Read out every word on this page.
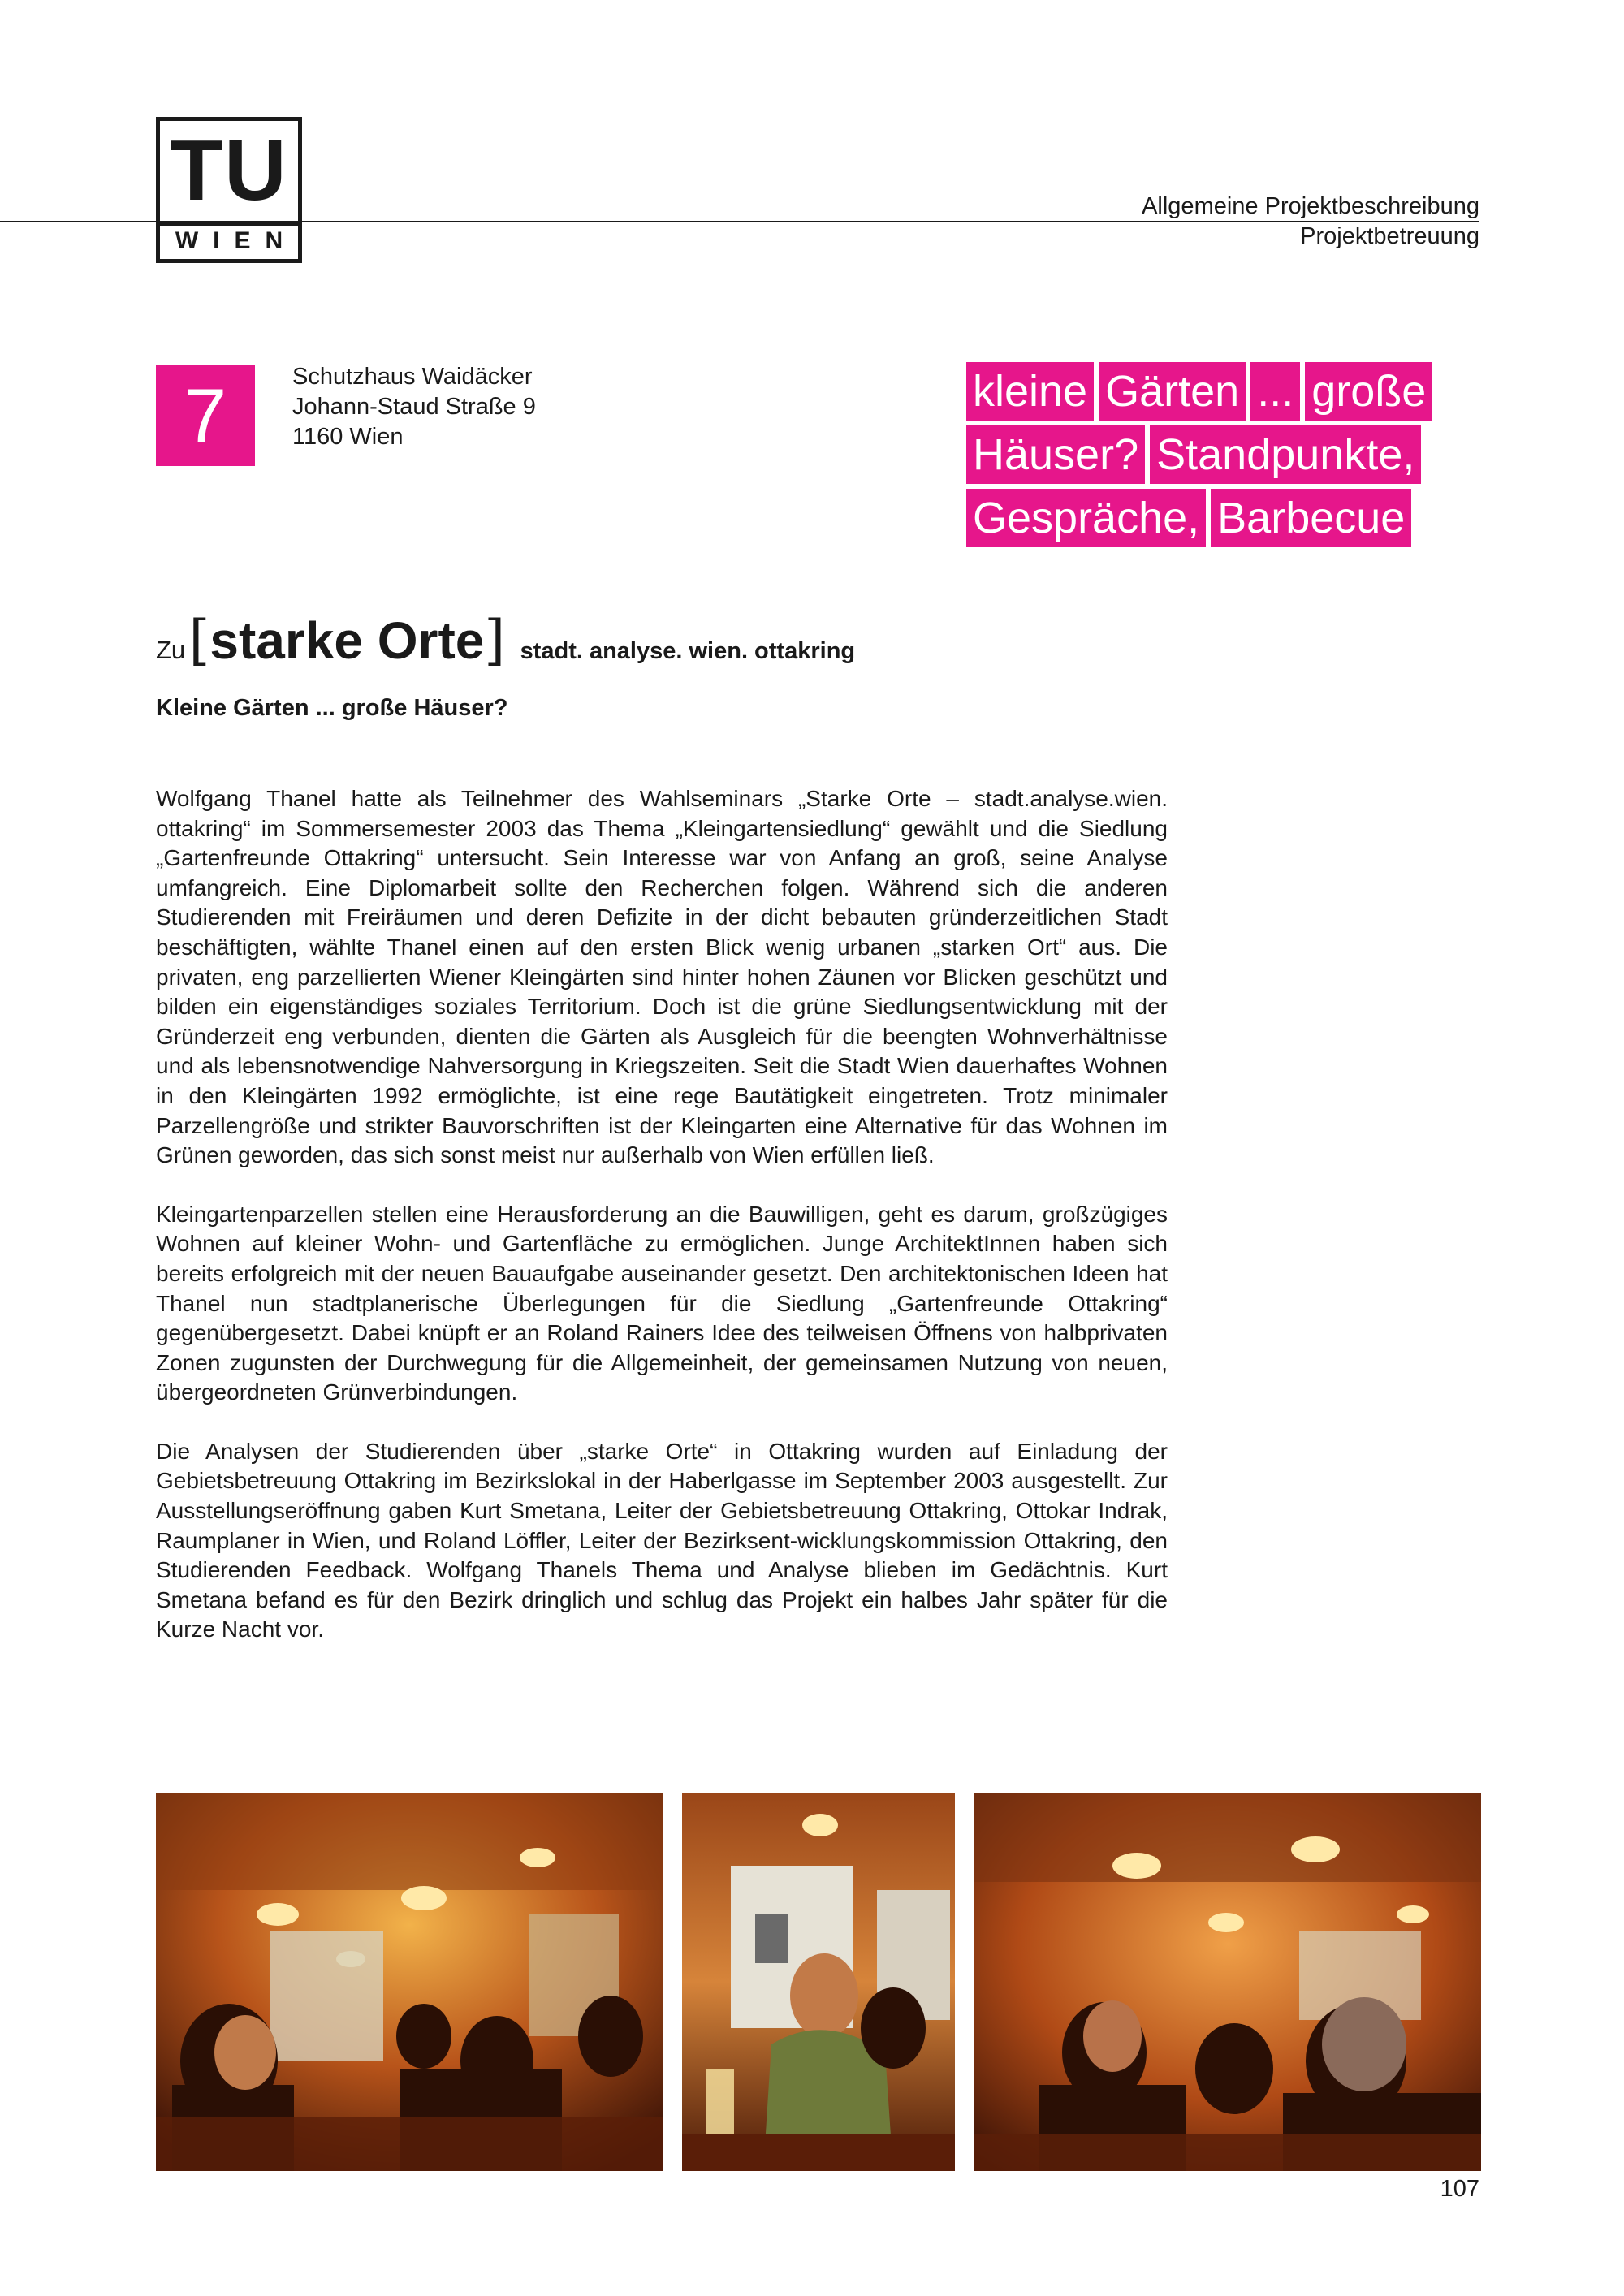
TU
WIEN
Allgemeine Projektbeschreibung
Projektbetreuung
7	Schutzhaus Waidäcker
Johann-Staud Straße 9
1160 Wien
kleine Gärten ... große
Häuser? Standpunkte,
Gespräche, Barbecue
Zu [starke Orte] stadt. analyse. wien. ottakring
Kleine Gärten ... große Häuser?

Wolfgang Thanel hatte als Teilnehmer des Wahlseminars „Starke Orte – stadt.analyse.wien. ottakring“ im Sommersemester 2003 das Thema „Kleingartensiedlung“ gewählt und die Siedlung „Gartenfreunde Ottakring“ untersucht. Sein Interesse war von Anfang an groß, seine Analyse umfangreich. Eine Diplomarbeit sollte den Recherchen folgen. Während sich die anderen Studierenden mit Freiräumen und deren Defizite in der dicht bebauten gründerzeitlichen Stadt beschäftigten, wählte Thanel einen auf den ersten Blick wenig urbanen „starken Ort“ aus. Die privaten, eng parzellierten Wiener Kleingärten sind hinter hohen Zäunen vor Blicken geschützt und bilden ein eigenständiges soziales Territorium. Doch ist die grüne Siedlungsentwicklung mit der Gründerzeit eng verbunden, dienten die Gärten als Ausgleich für die beengten Wohnverhältnisse und als lebensnotwendige Nahversorgung in Kriegszeiten. Seit die Stadt Wien dauerhaftes Wohnen in den Kleingärten 1992 ermöglichte, ist eine rege Bautätigkeit eingetreten. Trotz minimaler Parzellengröße und strikter Bauvorschriften ist der Kleingarten eine Alternative für das Wohnen im Grünen geworden, das sich sonst meist nur außerhalb von Wien erfüllen ließ.

Kleingartenparzellen stellen eine Herausforderung an die Bauwilligen, geht es darum, großzügiges Wohnen auf kleiner Wohn- und Gartenfläche zu ermöglichen. Junge ArchitektInnen haben sich bereits erfolgreich mit der neuen Bauaufgabe auseinander gesetzt. Den architektonischen Ideen hat Thanel nun stadtplanerische Überlegungen für die Siedlung „Gartenfreunde Ottakring“ gegenübergesetzt. Dabei knüpft er an Roland Rainers Idee des teilweisen Öffnens von halbprivaten Zonen zugunsten der Durchwegung für die Allgemeinheit, der gemeinsamen Nutzung von neuen, übergeordneten Grünverbindungen.

Die Analysen der Studierenden über „starke Orte“ in Ottakring wurden auf Einladung der Gebietsbetreuung Ottakring im Bezirkslokal in der Haberlgasse im September 2003 ausgestellt. Zur Ausstellungseröffnung gaben Kurt Smetana, Leiter der Gebietsbetreuung Ottakring, Ottokar Indrak, Raumplaner in Wien, und Roland Löffler, Leiter der Bezirksent-wicklungskommission Ottakring, den Studierenden Feedback. Wolfgang Thanels Thema und Analyse blieben im Gedächtnis. Kurt Smetana befand es für den Bezirk dringlich und schlug das Projekt ein halbes Jahr später für die Kurze Nacht vor.

107
